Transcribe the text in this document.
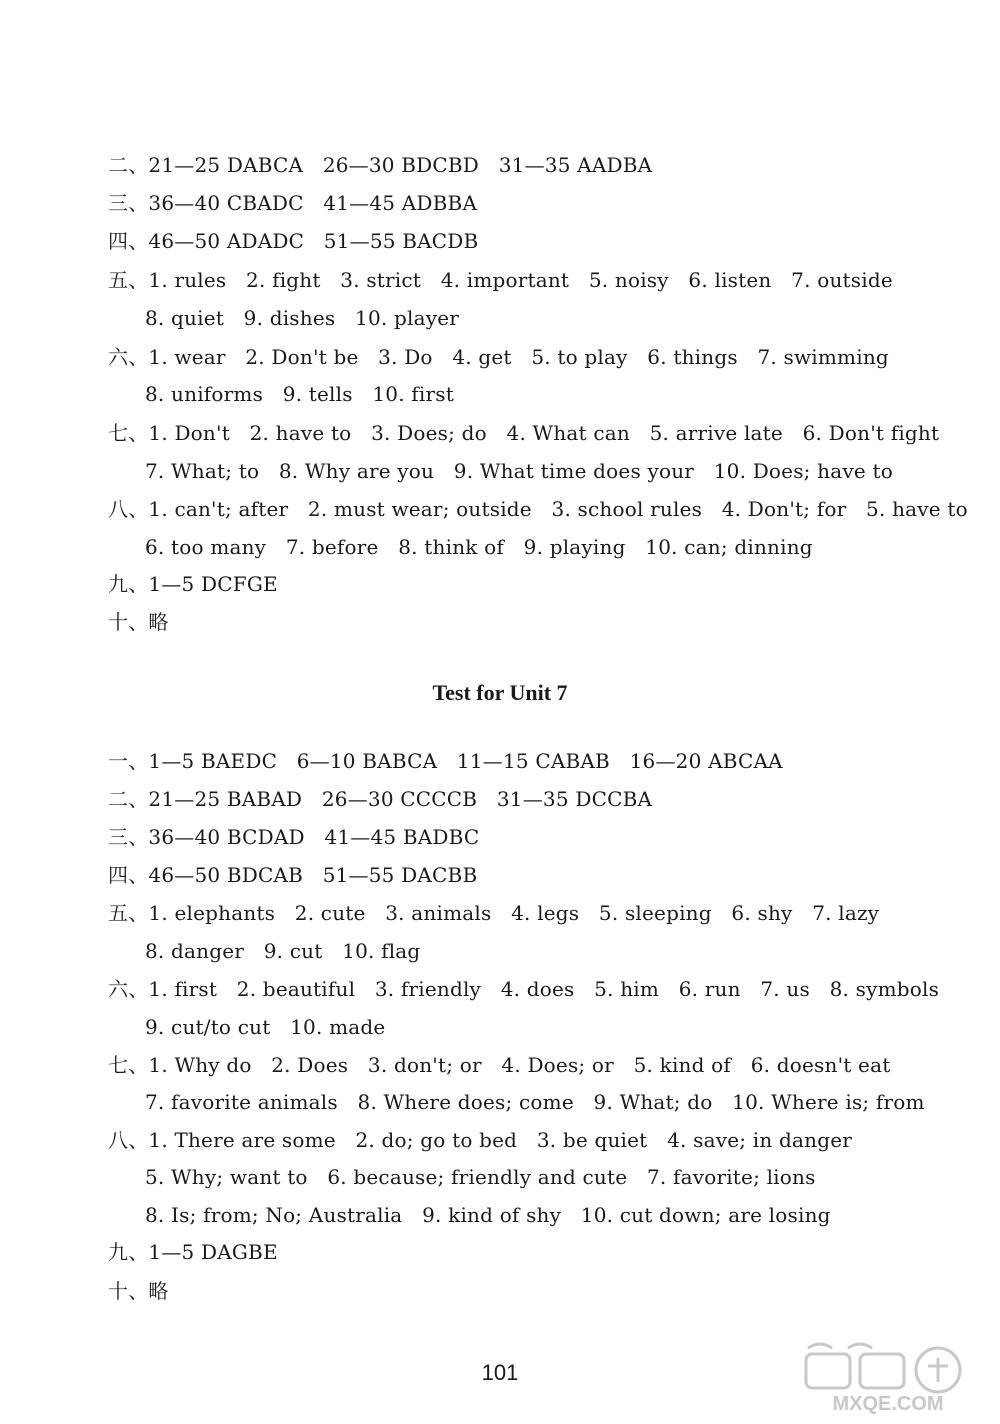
二、21—25 DABCA   26—30 BDCBD   31—35 AADBA
三、36—40 CBADC   41—45 ADBBA
四、46—50 ADADC   51—55 BACDB
五、1. rules   2. fight   3. strict   4. important   5. noisy   6. listen   7. outside
8. quiet   9. dishes   10. player
六、1. wear   2. Don't be   3. Do   4. get   5. to play   6. things   7. swimming
8. uniforms   9. tells   10. first
七、1. Don't   2. have to   3. Does; do   4. What can   5. arrive late   6. Don't fight
7. What; to   8. Why are you   9. What time does your   10. Does; have to
八、1. can't; after   2. must wear; outside   3. school rules   4. Don't; for   5. have to
6. too many   7. before   8. think of   9. playing   10. can; dinning
九、1—5 DCFGE
十、略
Test for Unit 7
一、1—5 BAEDC   6—10 BABCA   11—15 CABAB   16—20 ABCAA
二、21—25 BABAD   26—30 CCCCB   31—35 DCCBA
三、36—40 BCDAD   41—45 BADBC
四、46—50 BDCAB   51—55 DACBB
五、1. elephants   2. cute   3. animals   4. legs   5. sleeping   6. shy   7. lazy
8. danger   9. cut   10. flag
六、1. first   2. beautiful   3. friendly   4. does   5. him   6. run   7. us   8. symbols
9. cut/to cut   10. made
七、1. Why do   2. Does   3. don't; or   4. Does; or   5. kind of   6. doesn't eat
7. favorite animals   8. Where does; come   9. What; do   10. Where is; from
八、1. There are some   2. do; go to bed   3. be quiet   4. save; in danger
5. Why; want to   6. because; friendly and cute   7. favorite; lions
8. Is; from; No; Australia   9. kind of shy   10. cut down; are losing
九、1—5 DAGBE
十、略
101
MXQE.COM
